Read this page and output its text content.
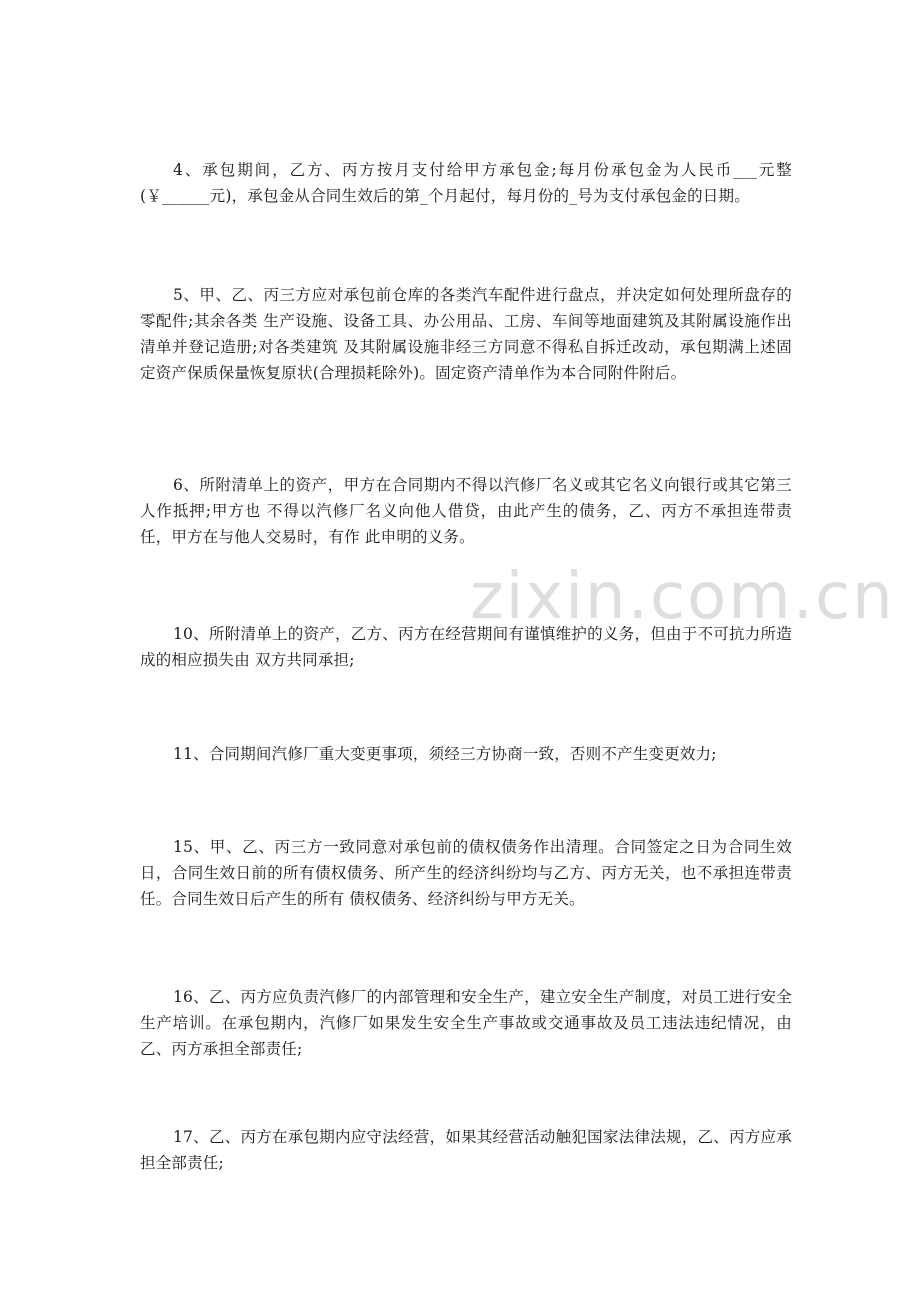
zixin.com.cn

4、承包期间，乙方、丙方按月支付给甲方承包金;每月份承包金为人民币___元整(￥______元)，承包金从合同生效后的第_个月起付，每月份的_号为支付承包金的日期。

5、甲、乙、丙三方应对承包前仓库的各类汽车配件进行盘点，并决定如何处理所盘存的零配件;其余各类 生产设施、设备工具、办公用品、工房、车间等地面建筑及其附属设施作出清单并登记造册;对各类建筑 及其附属设施非经三方同意不得私自拆迁改动，承包期满上述固定资产保质保量恢复原状(合理损耗除外)。固定资产清单作为本合同附件附后。

6、所附清单上的资产，甲方在合同期内不得以汽修厂名义或其它名义向银行或其它第三人作抵押;甲方也 不得以汽修厂名义向他人借贷，由此产生的债务，乙、丙方不承担连带责任，甲方在与他人交易时，有作 此申明的义务。

10、所附清单上的资产，乙方、丙方在经营期间有谨慎维护的义务，但由于不可抗力所造成的相应损失由 双方共同承担;

11、合同期间汽修厂重大变更事项，须经三方协商一致，否则不产生变更效力;

15、甲、乙、丙三方一致同意对承包前的债权债务作出清理。合同签定之日为合同生效日，合同生效日前的所有债权债务、所产生的经济纠纷均与乙方、丙方无关，也不承担连带责任。合同生效日后产生的所有 债权债务、经济纠纷与甲方无关。

16、乙、丙方应负责汽修厂的内部管理和安全生产，建立安全生产制度，对员工进行安全生产培训。在承包期内，汽修厂如果发生安全生产事故或交通事故及员工违法违纪情况，由乙、丙方承担全部责任;

17、乙、丙方在承包期内应守法经营，如果其经营活动触犯国家法律法规，乙、丙方应承担全部责任;
